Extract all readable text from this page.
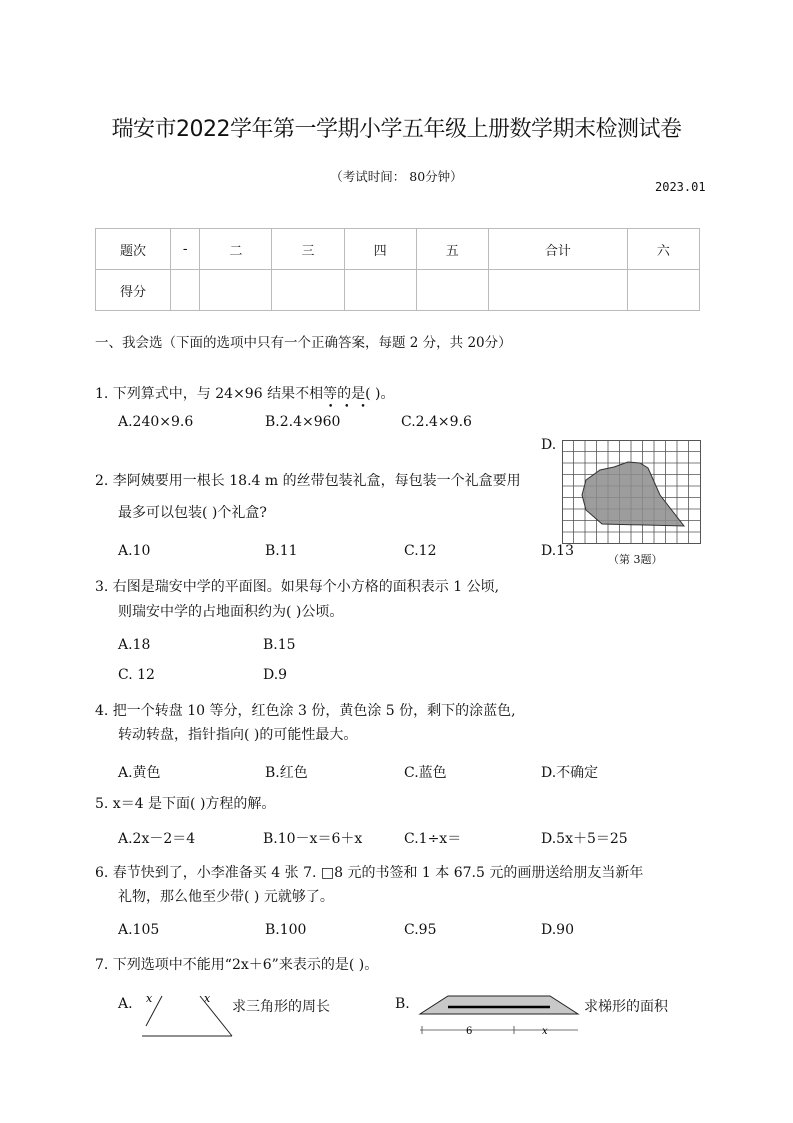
瑞安市2022学年第一学期小学五年级上册数学期末检测试卷
（考试时间： 80分钟）
2023.01
题次	-	二	三	四	五	合计	六
得分							
一、我会选（下面的选项中只有一个正确答案，每题 2 分，共 20分）
1. 下列算式中，与 24×96 结果不相等的是( )。
• • •
A.240×9.6	B.2.4×960	C.2.4×9.6
D.
（第 3题）
2. 李阿姨要用一根长 18.4 m 的丝带包装礼盒，每包装一个礼盒要用
最多可以包装( )个礼盒?
A.10	B.11	C.12	D.13
3. 右图是瑞安中学的平面图。如果每个小方格的面积表示 1 公顷,
则瑞安中学的占地面积约为( )公顷。
A.18	B.15
C. 12	D.9
4. 把一个转盘 10 等分，红色涂 3 份，黄色涂 5 份，剩下的涂蓝色,
转动转盘，指针指向( )的可能性最大。
A.黄色	B.红色	C.蓝色	D.不确定
5. x＝4 是下面( )方程的解。
A.2x－2＝4	B.10－x＝6＋x	C.1÷x＝	D.5x＋5＝25
6. 春节快到了，小李准备买 4 张 7. □8 元的书签和 1 本 67.5 元的画册送给朋友当新年
礼物，那么他至少带( ) 元就够了。
A.105	B.100	C.95	D.90
7. 下列选项中不能用“2x＋6”来表示的是( )。
A. x	x
求三角形的周长	B.
6	x
求梯形的面积
